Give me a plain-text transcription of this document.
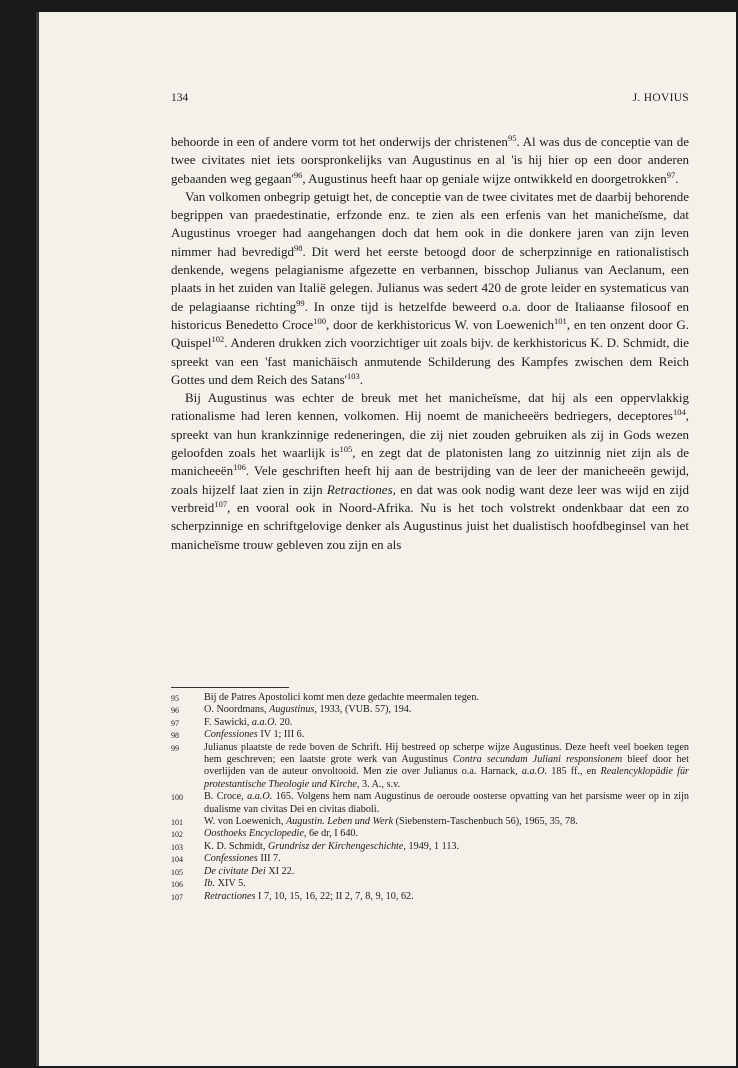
134	J. HOVIUS

behoorde in een of andere vorm tot het onderwijs der christenen$^{95}$. Al was dus de conceptie van de twee civitates niet iets oorspronkelijks van Augustinus en al 'is hij hier op een door anderen gebaanden weg $gegaan'^{96}$, Augustinus heeft haar op geniale wijze ontwikkeld en doorgetrokken$^{97}$.

Van volkomen onbegrip getuigt het, de conceptie van de twee civitates met de daarbij behorende begrippen van praedestinatie, erfzonde enz. te zien als een erfenis van het manicheïsme, dat Augustinus vroeger had aangehangen doch dat hem ook in die donkere jaren van zijn leven nimmer had bevredigd$^{98}$. Dit werd het eerste betoogd door de scherpzinnige en rationalistisch denkende, wegens pelagianisme afgezette en verbannen, bisschop Julianus van Aeclanum, een plaats in het zuiden van Italië gelegen. Julianus was sedert 420 de grote leider en systematicus van de pelagiaanse richting$^{99}$. In onze tijd is hetzelfde beweerd o.a. door de Italiaanse filosoof en historicus Benedetto Croce$^{100}$, door de kerkhistoricus W. von Loewenich$^{101}$, en ten onzent door G. Quispel$^{102}$. Anderen drukken zich voorzichtiger uit zoals bijv. de kerkhistoricus K. D. Schmidt, die spreekt van een 'fast manichäisch anmutende Schilderung des Kampfes zwischen dem Reich Gottes und dem Reich des $Satans'^{103}$.

Bij Augustinus was echter de breuk met het manicheïsme, dat hij als een oppervlakkig rationalisme had leren kennen, volkomen. Hij noemt de manicheeërs bedriegers, deceptores$^{104}$, spreekt van hun krankzinnige redeneringen, die zij niet zouden gebruiken als zij in Gods wezen geloofden zoals het waarlijk $is^{105}$, en zegt dat de platonisten lang zo uitzinnig niet zijn als de manicheeën$^{106}$. Vele geschriften heeft hij aan de bestrijding van de leer der manicheeën gewijd, zoals hijzelf laat zien in zijn Retractiones, en dat was ook nodig want deze leer was wijd en zijd verbreid$^{107}$, en vooral ook in Noord-Afrika. Nu is het toch volstrekt ondenkbaar dat een zo scherpzinnige en schriftgelovige denker als Augustinus juist het dualistisch hoofdbeginsel van het manicheïsme trouw gebleven zou zijn en als

95 Bij de Patres Apostolici komt men deze gedachte meermalen tegen.
96 O. Noordmans, Augustinus, 1933, (VUB. 57), 194.
97 F. Sawicki, a.a.O. 20.
98 Confessiones IV 1; III 6.
99 Julianus plaatste de rede boven de Schrift. Hij bestreed op scherpe wijze Augustinus. Deze heeft veel boeken tegen hem geschreven; een laatste grote werk van Augustinus Contra secundam Juliani responsionem bleef door het overlijden van de auteur onvoltooid. Men zie over Julianus o.a. Harnack, a.a.O. 185 ff., en Realencyklopädie für protestantische Theologie und Kirche, 3. A., s.v.
100 B. Croce, a.a.O. 165. Volgens hem nam Augustinus de oeroude oosterse opvatting van het parsisme weer op in zijn dualisme van civitas Dei en civitas diaboli.
101 W. von Loewenich, Augustin. Leben und Werk (Siebenstern-Taschenbuch 56), 1965, 35, 78.
102 Oosthoeks Encyclopedie, 6e dr, I 640.
103 K. D. Schmidt, Grundrisz der Kirchengeschichte, 1949, 1 113.
104 Confessiones III 7.
105 De civitate Dei XI 22.
106 Ib. XIV 5.
107 Retractiones I 7, 10, 15, 16, 22; II 2, 7, 8, 9, 10, 62.
